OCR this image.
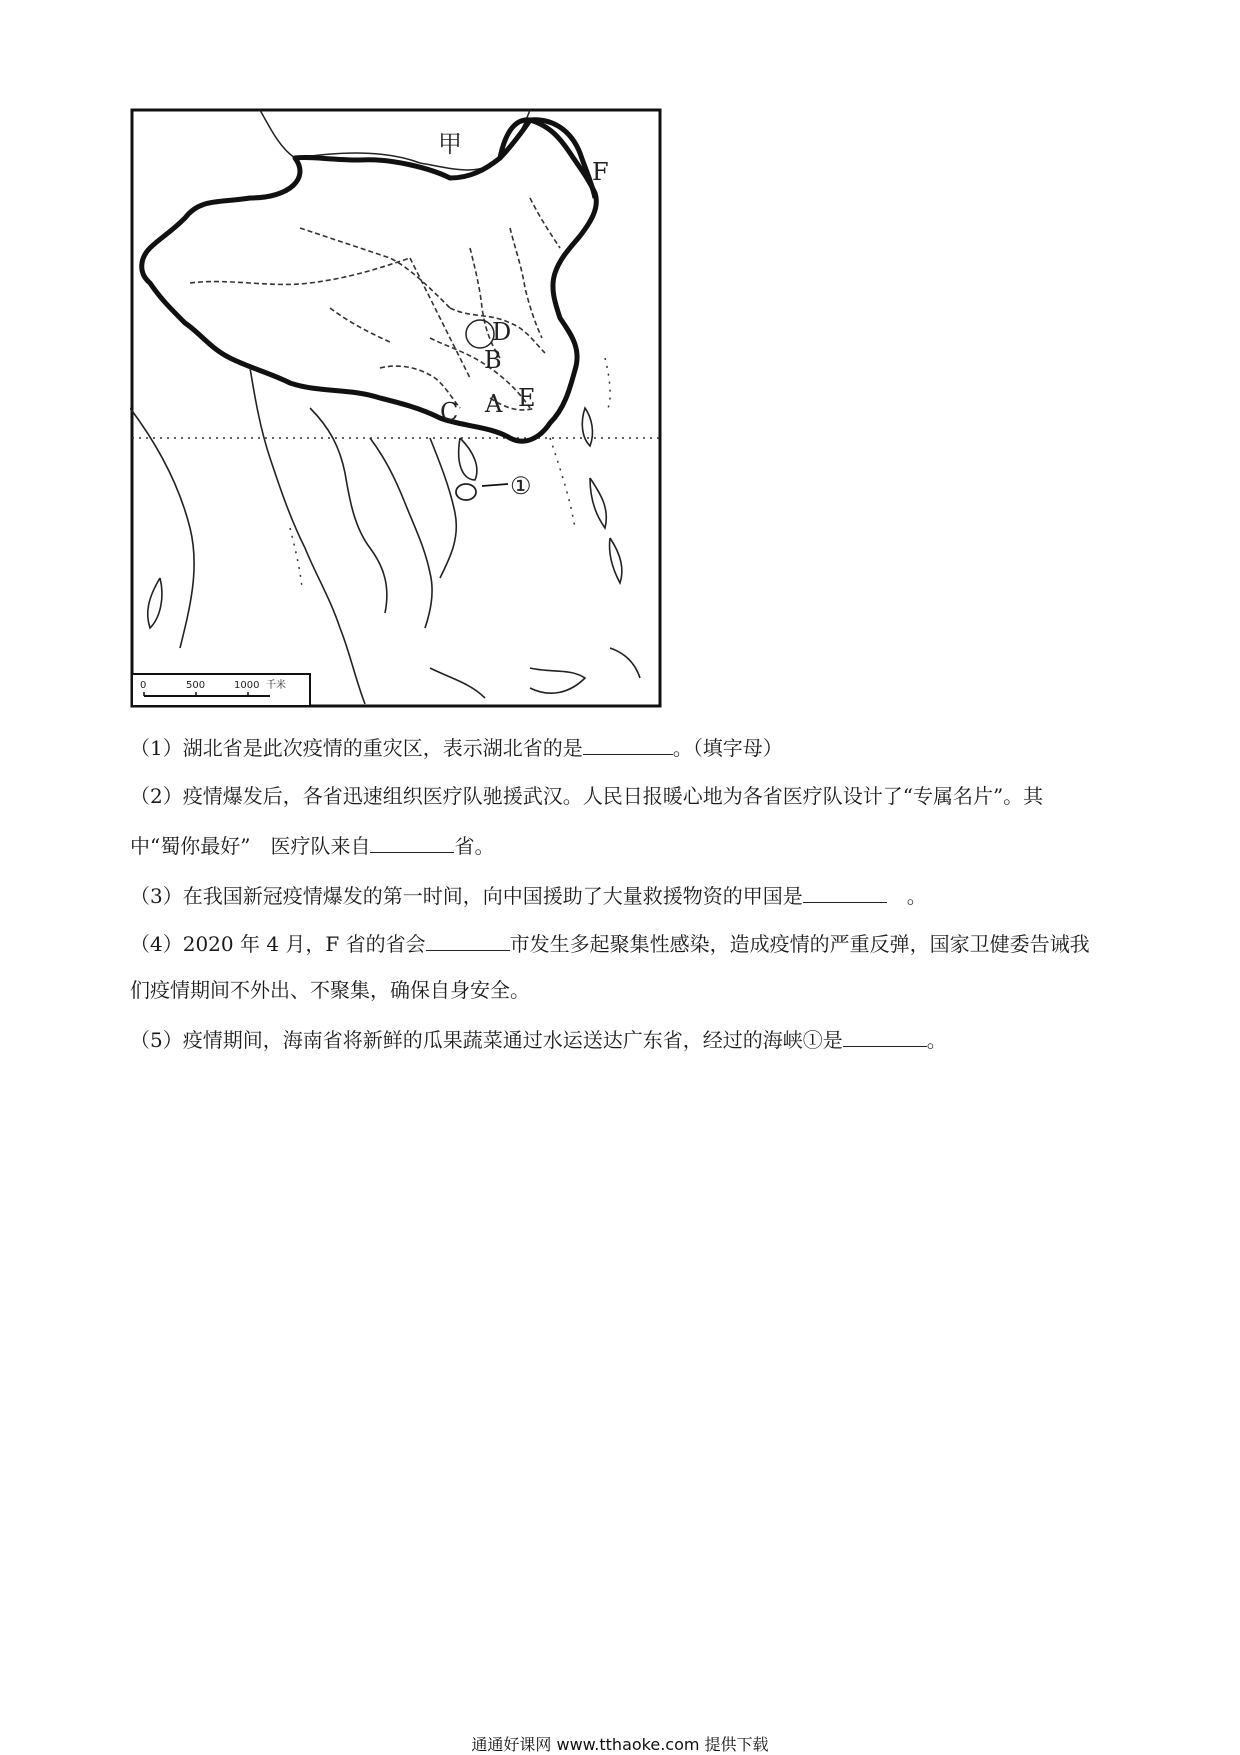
甲
F
D
B
C A E
①
0	500	1000 千米
（1）湖北省是此次疫情的重灾区，表示湖北省的是	。（填字母）
（2）疫情爆发后，各省迅速组织医疗队驰援武汉。人民日报暖心地为各省医疗队设计了“专属名片”。其
中“蜀你最好”　医疗队来自	省。
（3）在我国新冠疫情爆发的第一时间，向中国援助了大量救援物资的甲国是	　。
（4）2020 年 4 月，F 省的省会	市发生多起聚集性感染，造成疫情的严重反弹，国家卫健委告诫我
们疫情期间不外出、不聚集，确保自身安全。
（5）疫情期间，海南省将新鲜的瓜果蔬菜通过水运送达广东省，经过的海峡①是	。
通通好课网 www.tthaoke.com 提供下载
